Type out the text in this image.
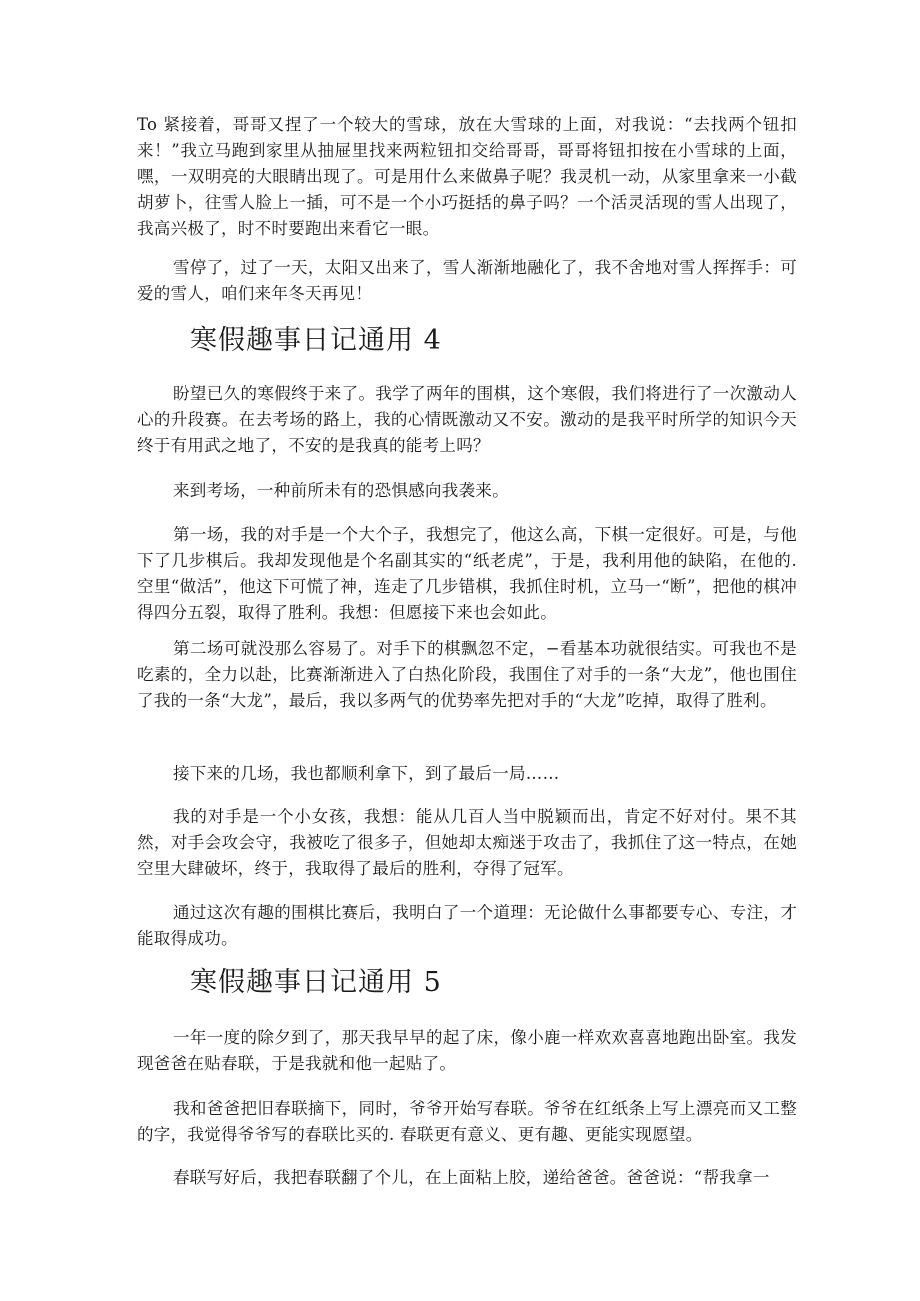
To 紧接着，哥哥又捏了一个较大的雪球，放在大雪球的上面，对我说：“去找两个钮扣来！”我立马跑到家里从抽屉里找来两粒钮扣交给哥哥，哥哥将钮扣按在小雪球的上面，嘿，一双明亮的大眼睛出现了。可是用什么来做鼻子呢？我灵机一动，从家里拿来一小截胡萝卜，往雪人脸上一插，可不是一个小巧挺括的鼻子吗？一个活灵活现的雪人出现了，我高兴极了，时不时要跑出来看它一眼。

雪停了，过了一天，太阳又出来了，雪人渐渐地融化了，我不舍地对雪人挥挥手：可爱的雪人，咱们来年冬天再见！

寒假趣事日记通用 4

盼望已久的寒假终于来了。我学了两年的围棋，这个寒假，我们将进行了一次激动人心的升段赛。在去考场的路上，我的心情既激动又不安。激动的是我平时所学的知识今天终于有用武之地了，不安的是我真的能考上吗？

来到考场，一种前所未有的恐惧感向我袭来。

第一场，我的对手是一个大个子，我想完了，他这么高，下棋一定很好。可是，与他下了几步棋后。我却发现他是个名副其实的“纸老虎”，于是，我利用他的缺陷，在他的. 空里“做活”，他这下可慌了神，连走了几步错棋，我抓住时机，立马一“断”，把他的棋冲得四分五裂，取得了胜利。我想：但愿接下来也会如此。

第二场可就没那么容易了。对手下的棋飘忽不定，−看基本功就很结实。可我也不是吃素的，全力以赴，比赛渐渐进入了白热化阶段，我围住了对手的一条“大龙”，他也围住了我的一条“大龙”，最后，我以多两气的优势率先把对手的“大龙”吃掉，取得了胜利。

接下来的几场，我也都顺利拿下，到了最后一局……

我的对手是一个小女孩，我想：能从几百人当中脱颖而出，肯定不好对付。果不其然，对手会攻会守，我被吃了很多子，但她却太痴迷于攻击了，我抓住了这一特点，在她空里大肆破坏，终于，我取得了最后的胜利，夺得了冠军。

通过这次有趣的围棋比赛后，我明白了一个道理：无论做什么事都要专心、专注，才能取得成功。

寒假趣事日记通用 5

一年一度的除夕到了，那天我早早的起了床，像小鹿一样欢欢喜喜地跑出卧室。我发现爸爸在贴春联，于是我就和他一起贴了。

我和爸爸把旧春联摘下，同时，爷爷开始写春联。爷爷在红纸条上写上漂亮而又工整的字，我觉得爷爷写的春联比买的. 春联更有意义、更有趣、更能实现愿望。

春联写好后，我把春联翻了个儿，在上面粘上胶，递给爸爸。爸爸说：“帮我拿一
